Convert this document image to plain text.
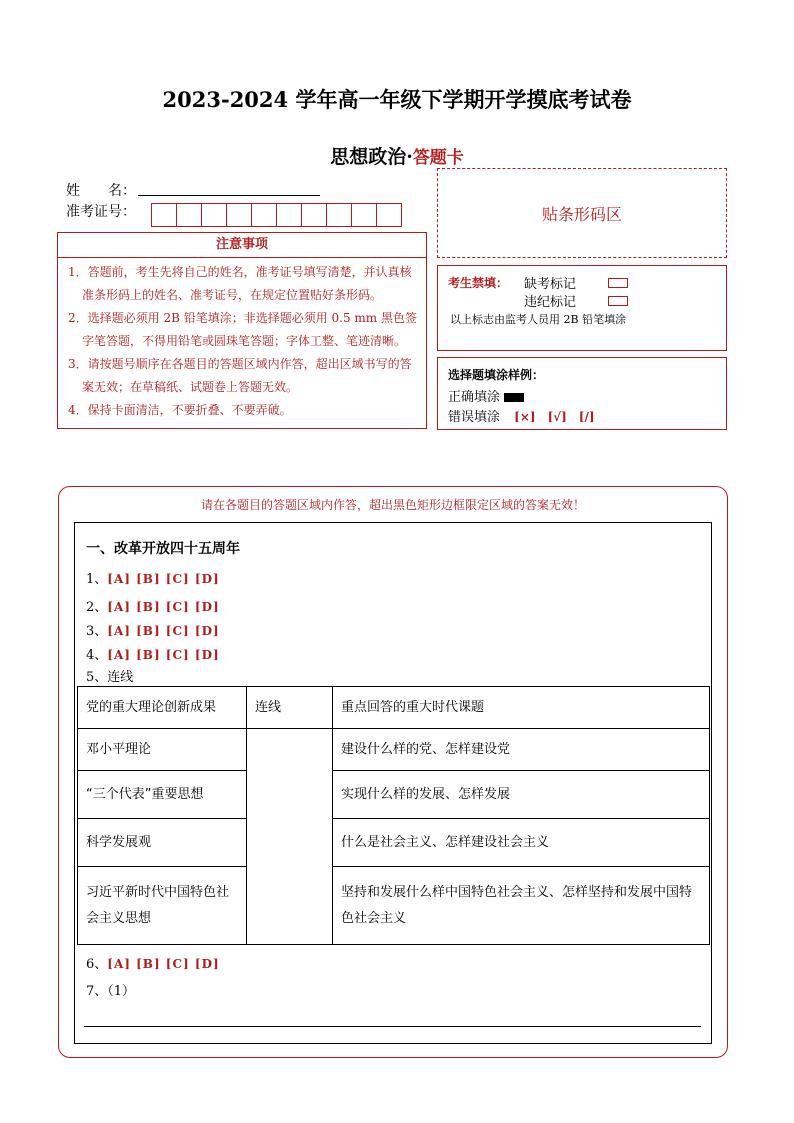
2023-2024 学年高一年级下学期开学摸底考试卷
思想政治·答题卡
姓　　名：
准考证号：	贴条形码区
注意事项
1．答题前，考生先将自己的姓名，准考证号填写清楚，并认真核准条形码上的姓名、准考证号，在规定位置贴好条形码。
2．选择题必须用 2B 铅笔填涂；非选择题必须用 0.5 mm 黑色签字笔答题，不得用铅笔或圆珠笔答题；字体工整、笔迹清晰。
3．请按题号顺序在各题目的答题区域内作答，超出区域书写的答案无效；在草稿纸、试题卷上答题无效。
4．保持卡面清洁，不要折叠、不要弄破。
考生禁填： 缺考标记
违纪标记
以上标志由监考人员用 2B 铅笔填涂
选择题填涂样例：
正确填涂
错误填涂 [×]　[√]　[/]
请在各题目的答题区域内作答，超出黑色矩形边框限定区域的答案无效！
一、改革开放四十五周年
1、[A] [B] [C] [D]
2、[A] [B] [C] [D]
3、[A] [B] [C] [D]
4、[A] [B] [C] [D]
5、连线
党的重大理论创新成果	连线	重点回答的重大时代课题
邓小平理论		建设什么样的党、怎样建设党
“三个代表”重要思想		实现什么样的发展、怎样发展
科学发展观		什么是社会主义、怎样建设社会主义
习近平新时代中国特色社会主义思想		坚持和发展什么样中国特色社会主义、怎样坚持和发展中国特色社会主义
6、[A] [B] [C] [D]
7、（1）
